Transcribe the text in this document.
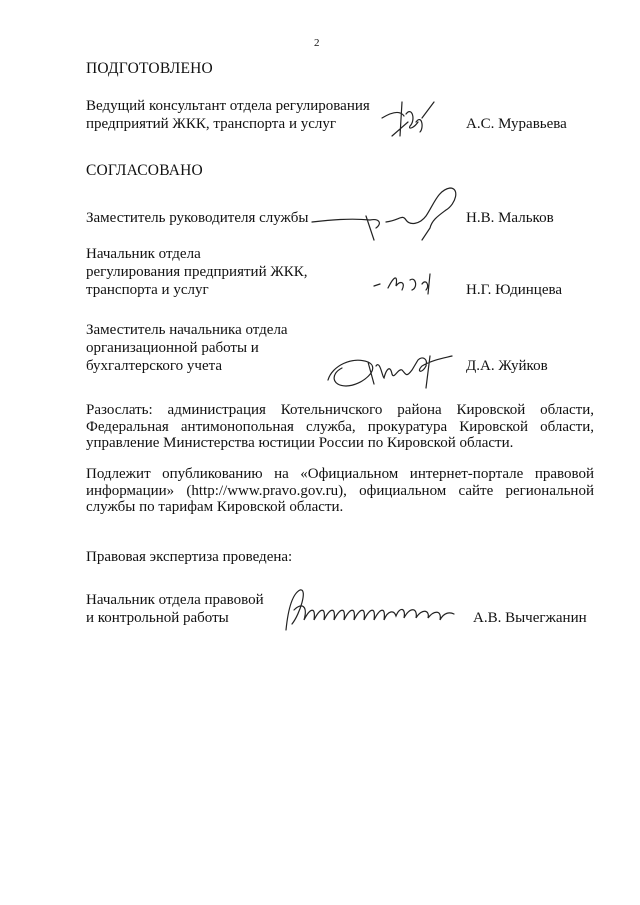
2
ПОДГОТОВЛЕНО
Ведущий консультант отдела регулирования
предприятий ЖКК, транспорта и услуг	А.С. Муравьева
СОГЛАСОВАНО
Заместитель руководителя службы	Н.В. Мальков
Начальник отдела
регулирования предприятий ЖКК,
транспорта и услуг	Н.Г. Юдинцева
Заместитель начальника отдела
организационной работы и
бухгалтерского учета	Д.А. Жуйков
Разослать: администрация Котельничского района Кировской области, Федеральная антимонопольная служба, прокуратура Кировской области, управление Министерства юстиции России по Кировской области.
Подлежит опубликованию на «Официальном интернет-портале правовой информации» (http://www.pravo.gov.ru), официальном сайте региональной службы по тарифам Кировской области.
Правовая экспертиза проведена:
Начальник отдела правовой
и контрольной работы	А.В. Вычегжанин
